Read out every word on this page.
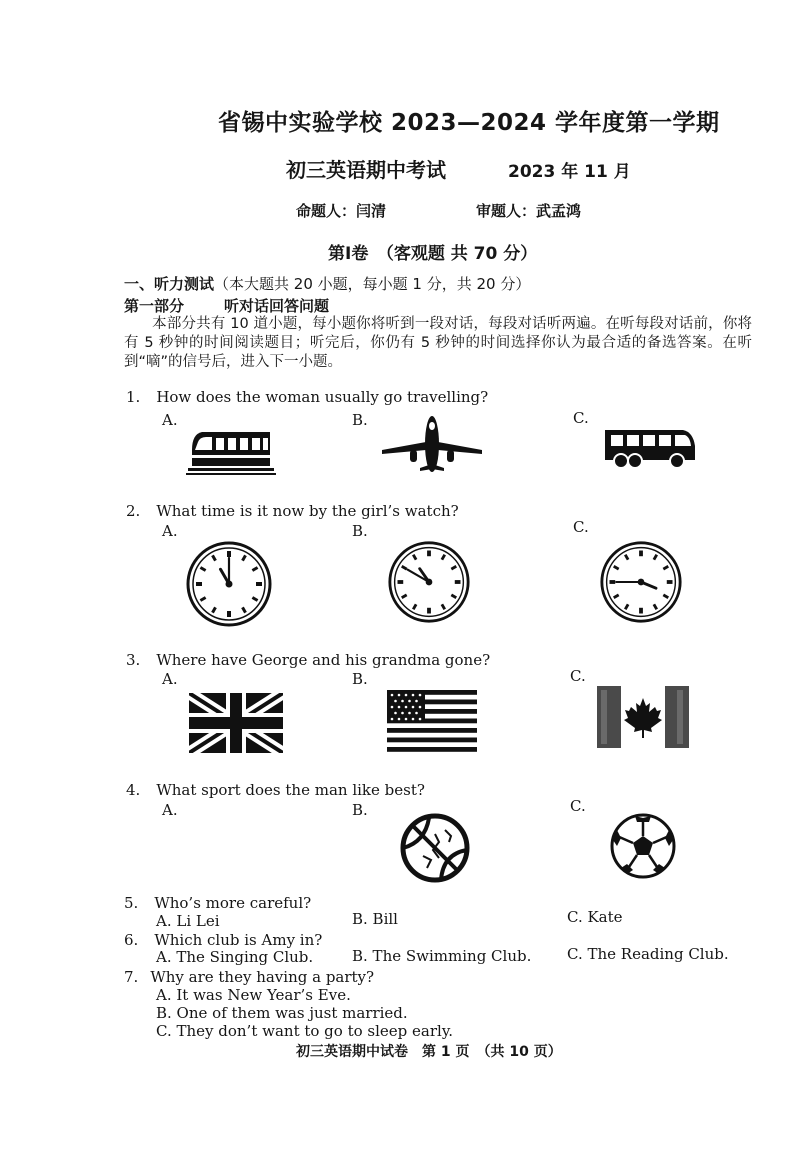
省锡中实验学校 2023—2024 学年度第一学期
初三英语期中考试	2023 年 11 月
命题人：闫清	审题人：武孟鸿
第Ⅰ卷　（客观题 共 70 分）
一、听力测试（本大题共 20 小题，每小题 1 分，共 20 分）
第一部分	听对话回答问题
本部分共有 10 道小题，每小题你将听到一段对话，每段对话听两遍。在听每段对话前，你将有 5 秒钟的时间阅读题目；听完后，你仍有 5 秒钟的时间选择你认为最合适的备选答案。在听到“嘀”的信号后，进入下一小题。
1. How does the woman usually go travelling?
A.	B.	C.
2. What time is it now by the girl’s watch?
A.	B.	C.
3. Where have George and his grandma gone?
A.	B.	C.
4. What sport does the man like best?
A.	B.	C.
5. Who’s more careful?
A. Li Lei	B. Bill	C. Kate
6. Which club is Amy in?
A. The Singing Club.	B. The Swimming Club. C. The Reading Club.
7. Why are they having a party?
A. It was New Year’s Eve.
B. One of them was just married.
C. They don’t want to go to sleep early.
初三英语期中试卷　第 1 页　（共 10 页）
